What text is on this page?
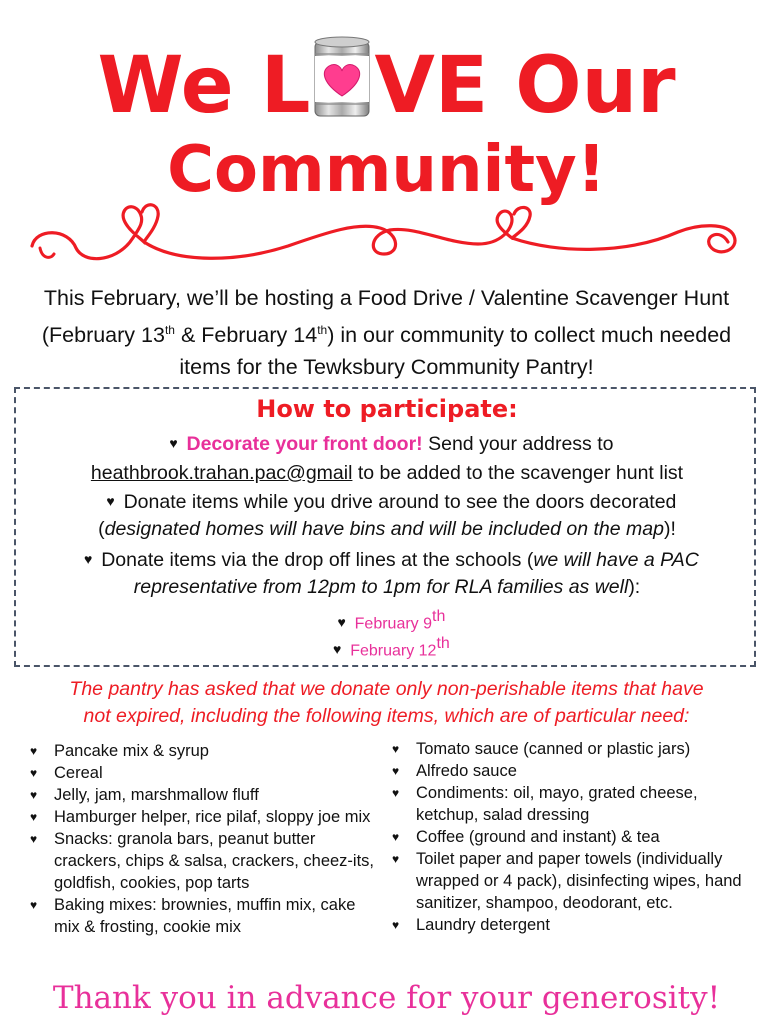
We L VE Our
Community!
This February, we’ll be hosting a Food Drive / Valentine Scavenger Hunt (February 13th & February 14th) in our community to collect much needed items for the Tewksbury Community Pantry!
How to participate:
♥ Decorate your front door! Send your address to
heathbrook.trahan.pac@gmail to be added to the scavenger hunt list
♥ Donate items while you drive around to see the doors decorated
(designated homes will have bins and will be included on the map)!
♥ Donate items via the drop off lines at the schools (we will have a PAC
representative from 12pm to 1pm for RLA families as well):
♥ February 9th
♥ February 12th
The pantry has asked that we donate only non-perishable items that have
not expired, including the following items, which are of particular need:
♥ Pancake mix & syrup
♥ Cereal
♥ Jelly, jam, marshmallow fluff
♥ Hamburger helper, rice pilaf, sloppy joe mix
♥ Snacks: granola bars, peanut butter crackers, chips & salsa, crackers, cheez-its, goldfish, cookies, pop tarts
♥ Baking mixes: brownies, muffin mix, cake mix & frosting, cookie mix
♥ Tomato sauce (canned or plastic jars)
♥ Alfredo sauce
♥ Condiments: oil, mayo, grated cheese, ketchup, salad dressing
♥ Coffee (ground and instant) & tea
♥ Toilet paper and paper towels (individually wrapped or 4 pack), disinfecting wipes, hand sanitizer, shampoo, deodorant, etc.
♥ Laundry detergent
Thank you in advance for your generosity!
